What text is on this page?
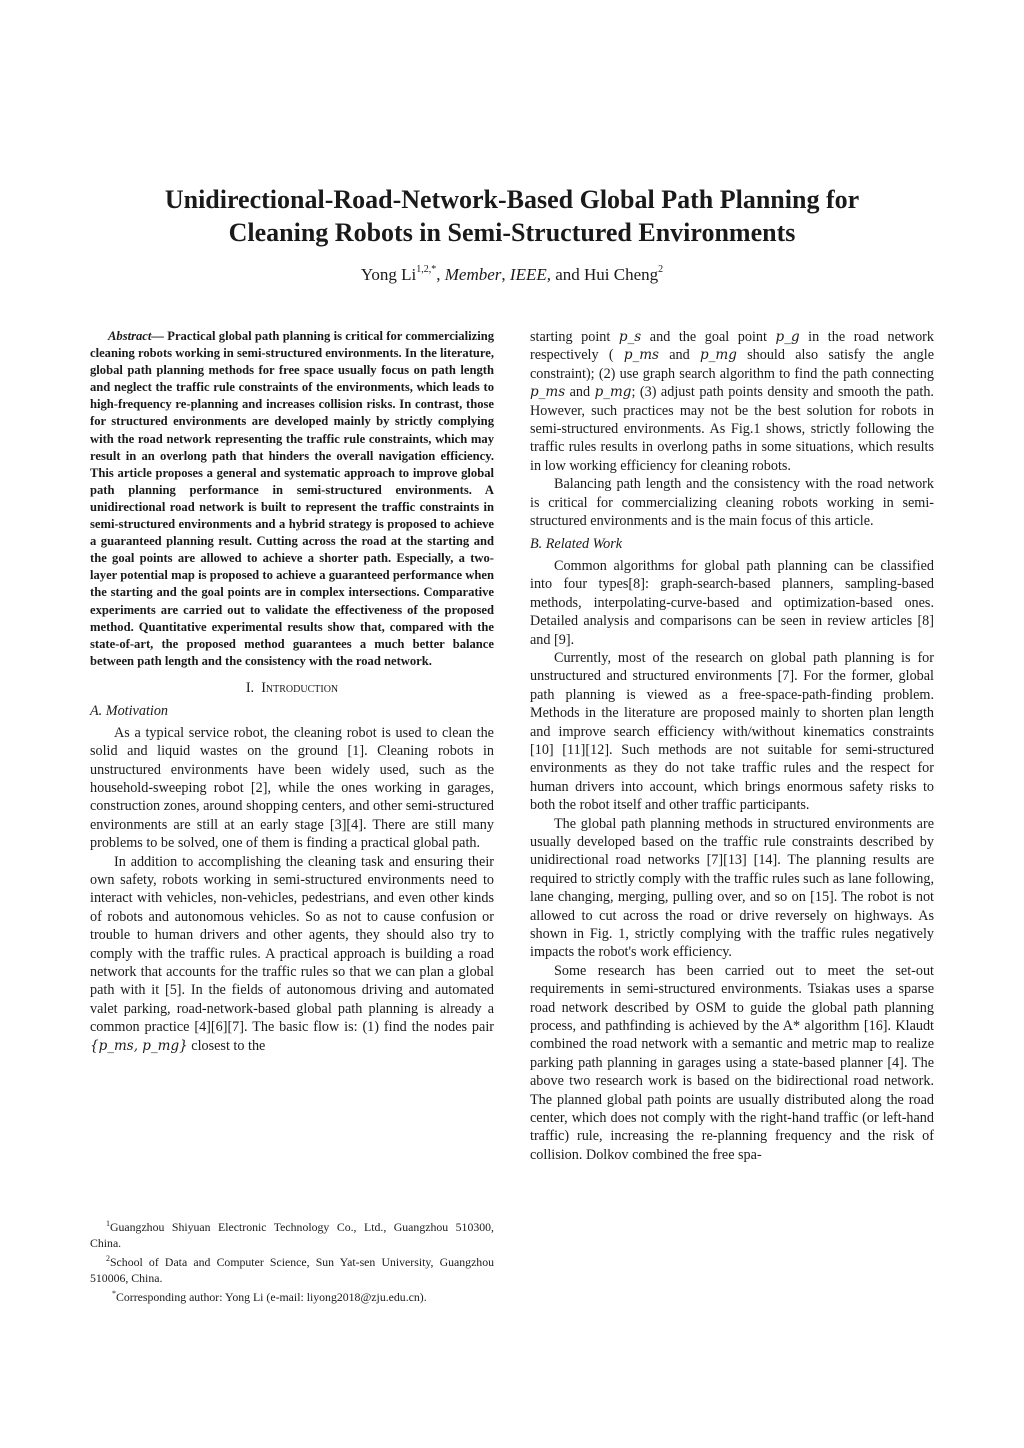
Unidirectional-Road-Network-Based Global Path Planning for
Cleaning Robots in Semi-Structured Environments
Yong $Li^{1,2,*}$, Member, IEEE, and Hui Cheng$^2$

Abstract— Practical global path planning is critical for commercializing cleaning robots working in semi-structured environments. In the literature, global path planning methods for free space usually focus on path length and neglect the traffic rule constraints of the environments, which leads to high-frequency re-planning and increases collision risks. In contrast, those for structured environments are developed mainly by strictly complying with the road network representing the traffic rule constraints, which may result in an overlong path that hinders the overall navigation efficiency. This article proposes a general and systematic approach to improve global path planning performance in semi-structured environments. A unidirectional road network is built to represent the traffic constraints in semi-structured environments and a hybrid strategy is proposed to achieve a guaranteed planning result. Cutting across the road at the starting and the goal points are allowed to achieve a shorter path. Especially, a two-layer potential map is proposed to achieve a guaranteed performance when the starting and the goal points are in complex intersections. Comparative experiments are carried out to validate the effectiveness of the proposed method. Quantitative experimental results show that, compared with the state-of-art, the proposed method guarantees a much better balance between path length and the consistency with the road network.

I. Introduction
A. Motivation

As a typical service robot, the cleaning robot is used to clean the solid and liquid wastes on the ground [1]. Cleaning robots in unstructured environments have been widely used, such as the household-sweeping robot [2], while the ones working in garages, construction zones, around shopping centers, and other semi-structured environments are still at an early stage [3][4]. There are still many problems to be solved, one of them is finding a practical global path.

In addition to accomplishing the cleaning task and ensuring their own safety, robots working in semi-structured environments need to interact with vehicles, non-vehicles, pedestrians, and even other kinds of robots and autonomous vehicles. So as not to cause confusion or trouble to human drivers and other agents, they should also try to comply with the traffic rules. A practical approach is building a road network that accounts for the traffic rules so that we can plan a global path with it [5]. In the fields of autonomous driving and automated valet parking, road-network-based global path planning is already a common practice [4][6][7]. The basic flow is: (1) find the nodes pair {p_ms, p_mg} closest to the

starting point p_s and the goal point p_g in the road network respectively ( p_ms and p_mg should also satisfy the angle constraint); (2) use graph search algorithm to find the path connecting p_ms and p_mg; (3) adjust path points density and smooth the path. However, such practices may not be the best solution for robots in semi-structured environments. As Fig.1 shows, strictly following the traffic rules results in overlong paths in some situations, which results in low working efficiency for cleaning robots.

Balancing path length and the consistency with the road network is critical for commercializing cleaning robots working in semi-structured environments and is the main focus of this article.

B. Related Work

Common algorithms for global path planning can be classified into four types[8]: graph-search-based planners, sampling-based methods, interpolating-curve-based and optimization-based ones. Detailed analysis and comparisons can be seen in review articles [8] and [9].

Currently, most of the research on global path planning is for unstructured and structured environments [7]. For the former, global path planning is viewed as a free-space-path-finding problem. Methods in the literature are proposed mainly to shorten plan length and improve search efficiency with/without kinematics constraints [10] [11][12]. Such methods are not suitable for semi-structured environments as they do not take traffic rules and the respect for human drivers into account, which brings enormous safety risks to both the robot itself and other traffic participants.

The global path planning methods in structured environments are usually developed based on the traffic rule constraints described by unidirectional road networks [7][13] [14]. The planning results are required to strictly comply with the traffic rules such as lane following, lane changing, merging, pulling over, and so on [15]. The robot is not allowed to cut across the road or drive reversely on highways. As shown in Fig. 1, strictly complying with the traffic rules negatively impacts the robot's work efficiency.

Some research has been carried out to meet the set-out requirements in semi-structured environments. Tsiakas uses a sparse road network described by OSM to guide the global path planning process, and pathfinding is achieved by the A* algorithm [16]. Klaudt combined the road network with a semantic and metric map to realize parking path planning in garages using a state-based planner [4]. The above two research work is based on the bidirectional road network. The planned global path points are usually distributed along the road center, which does not comply with the right-hand traffic (or left-hand traffic) rule, increasing the re-planning frequency and the risk of collision. Dolkov combined the free spa-

$^1$Guangzhou Shiyuan Electronic Technology Co., Ltd., Guangzhou 510300, China.

$^2$School of Data and Computer Science, Sun Yat-sen University, Guangzhou 510006, China.

*Corresponding author: Yong Li (e-mail: liyong2018@zju.edu.cn).
